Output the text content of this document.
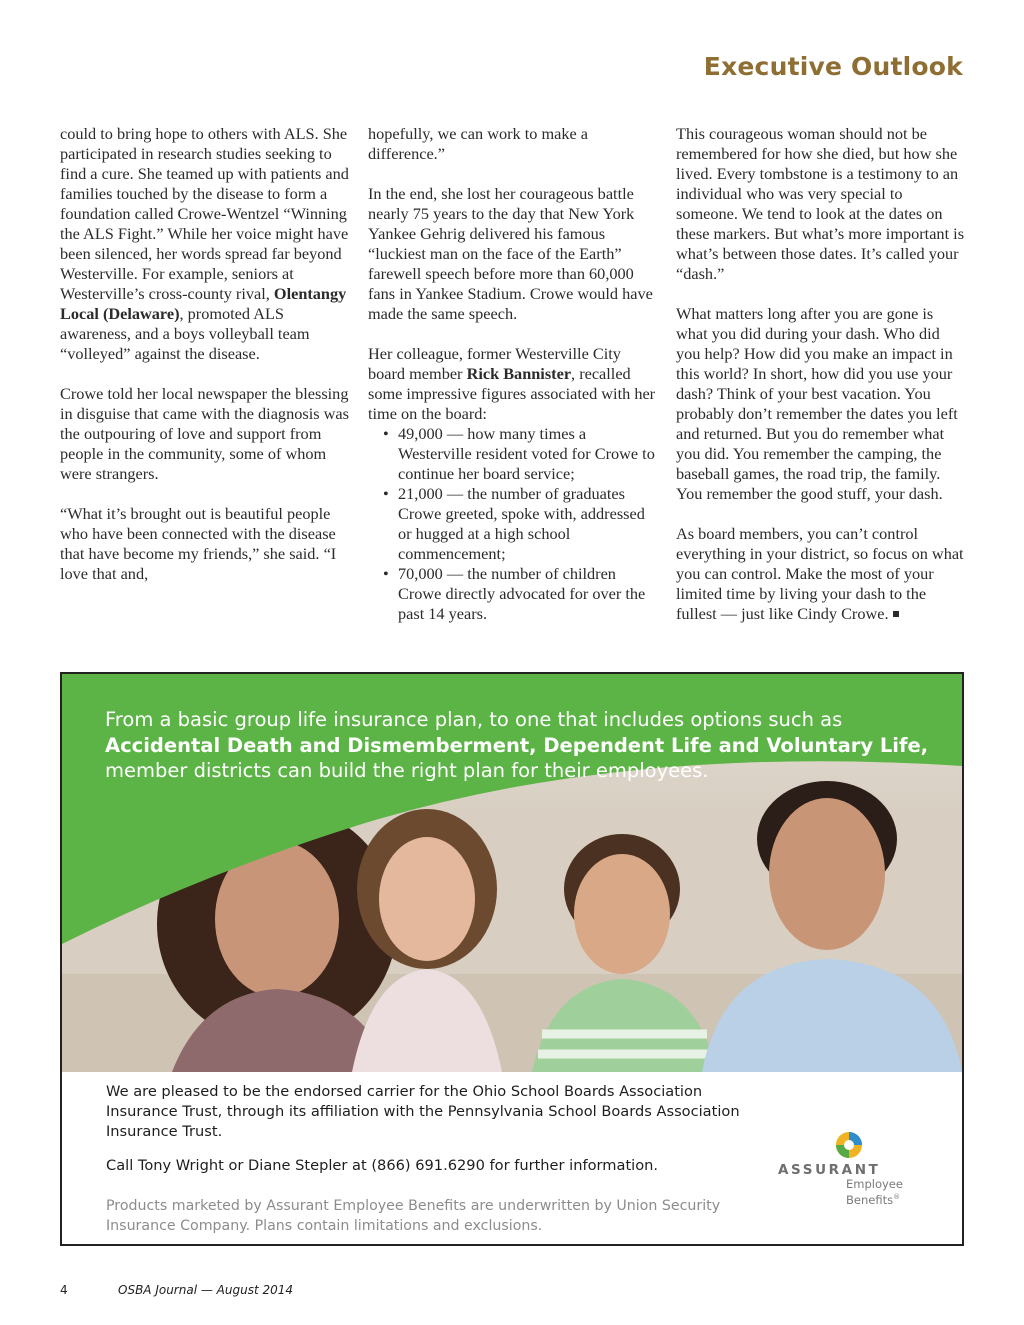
Executive Outlook

could to bring hope to others with ALS. She participated in research studies seeking to find a cure. She teamed up with patients and families touched by the disease to form a foundation called Crowe-Wentzel “Winning the ALS Fight.” While her voice might have been silenced, her words spread far beyond Westerville. For example, seniors at Westerville’s cross-county rival, Olentangy Local (Delaware), promoted ALS awareness, and a boys volleyball team “volleyed” against the disease.

Crowe told her local newspaper the blessing in disguise that came with the diagnosis was the outpouring of love and support from people in the community, some of whom were strangers.

“What it’s brought out is beautiful people who have been connected with the disease that have become my friends,” she said. “I love that and,

hopefully, we can work to make a difference.”

In the end, she lost her courageous battle nearly 75 years to the day that New York Yankee Gehrig delivered his famous “luckiest man on the face of the Earth” farewell speech before more than 60,000 fans in Yankee Stadium. Crowe would have made the same speech.

Her colleague, former Westerville City board member Rick Bannister, recalled some impressive figures associated with her time on the board:

• 49,000 — how many times a Westerville resident voted for Crowe to continue her board service;
• 21,000 — the number of graduates Crowe greeted, spoke with, addressed or hugged at a high school commencement;
• 70,000 — the number of children Crowe directly advocated for over the past 14 years.

This courageous woman should not be remembered for how she died, but how she lived. Every tombstone is a testimony to an individual who was very special to someone. We tend to look at the dates on these markers. But what’s more important is what’s between those dates. It’s called your “dash.”

What matters long after you are gone is what you did during your dash. Who did you help? How did you make an impact in this world? In short, how did you use your dash? Think of your best vacation. You probably don’t remember the dates you left and returned. But you do remember what you did. You remember the camping, the baseball games, the road trip, the family. You remember the good stuff, your dash.

As board members, you can’t control everything in your district, so focus on what you can control. Make the most of your limited time by living your dash to the fullest — just like Cindy Crowe.

From a basic group life insurance plan, to one that includes options such as
Accidental Death and Dismemberment, Dependent Life and Voluntary Life,
member districts can build the right plan for their employees.

We are pleased to be the endorsed carrier for the Ohio School Boards Association Insurance Trust, through its affiliation with the Pennsylvania School Boards Association Insurance Trust.

Call Tony Wright or Diane Stepler at (866) 691.6290 for further information.

Products marketed by Assurant Employee Benefits are underwritten by Union Security Insurance Company. Plans contain limitations and exclusions.

ASSURANT
Employee
Benefits®
4	OSBA Journal — August 2014
